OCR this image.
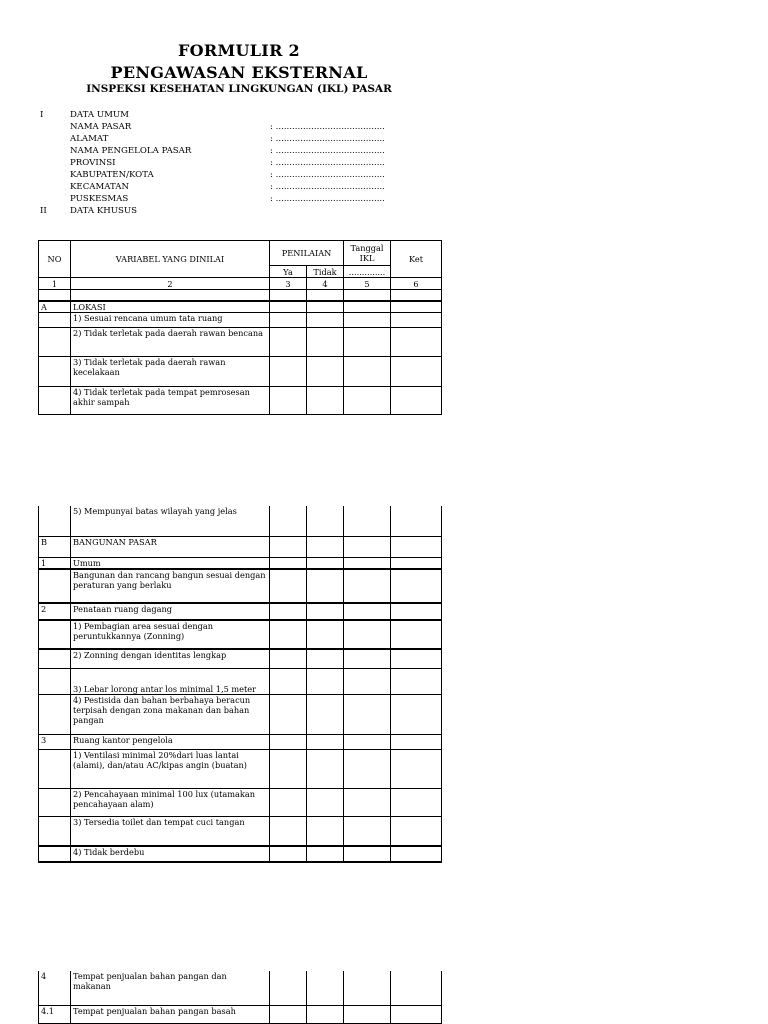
FORMULIR 2
PENGAWASAN EKSTERNAL
INSPEKSI KESEHATAN LINGKUNGAN (IKL) PASAR
I	DATA UMUM
NAMA PASAR	: ........................................
ALAMAT	: ........................................
NAMA PENGELOLA PASAR	: ........................................
PROVINSI	: ........................................
KABUPATEN/KOTA	: ........................................
KECAMATAN	: ........................................
PUSKESMAS	: ........................................
II	DATA KHUSUS
NO	VARIABEL YANG DINILAI	PENILAIAN		Tanggal IKL	Ket
		Ya	Tidak	..............	
1	2	3	4	5	6

A	LOKASI				
	1) Sesuai rencana umum tata ruang				
	2) Tidak terletak pada daerah rawan bencana				
	3) Tidak terletak pada daerah rawan kecelakaan				
	4) Tidak terletak pada tempat pemrosesan akhir sampah				
	5) Mempunyai batas wilayah yang jelas				
B	BANGUNAN PASAR				
1	Umum				
	Bangunan dan rancang bangun sesuai dengan peraturan yang berlaku				
2	Penataan ruang dagang				
	1) Pembagian area sesuai dengan peruntukkannya (Zonning)				
	2) Zonning dengan identitas lengkap				
	3) Lebar lorong antar los minimal 1,5 meter				
	4) Pestisida dan bahan berbahaya beracun terpisah dengan zona makanan dan bahan pangan				
3	Ruang kantor pengelola				
	1) Ventilasi minimal 20%dari luas lantai (alami), dan/atau AC/kipas angin (buatan)				
	2) Pencahayaan minimal 100 lux (utamakan pencahayaan alam)				
	3) Tersedia toilet dan tempat cuci tangan				
	4) Tidak berdebu				
4	Tempat penjualan bahan pangan dan makanan				
4.1	Tempat penjualan bahan pangan basah				
